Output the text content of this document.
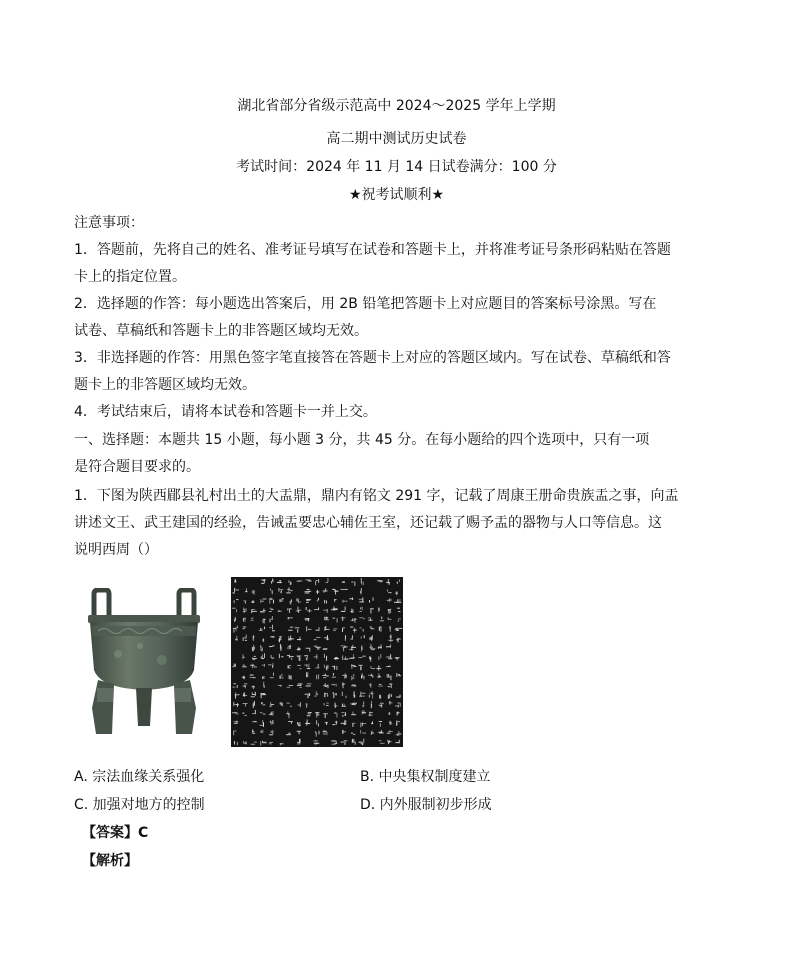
湖北省部分省级示范高中 2024～2025 学年上学期
高二期中测试历史试卷
考试时间：2024 年 11 月 14 日试卷满分：100 分
★祝考试顺利★
注意事项：
1．答题前，先将自己的姓名、准考证号填写在试卷和答题卡上，并将准考证号条形码粘贴在答题
卡上的指定位置。
2．选择题的作答：每小题选出答案后，用 2B 铅笔把答题卡上对应题目的答案标号涂黑。写在
试卷、草稿纸和答题卡上的非答题区域均无效。
3．非选择题的作答：用黑色签字笔直接答在答题卡上对应的答题区域内。写在试卷、草稿纸和答
题卡上的非答题区域均无效。
4．考试结束后，请将本试卷和答题卡一并上交。
一、选择题：本题共 15 小题，每小题 3 分，共 45 分。在每小题给的四个选项中，只有一项
是符合题目要求的。
1．下图为陕西郿县礼村出土的大盂鼎，鼎内有铭文 291 字，记载了周康王册命贵族盂之事，向盂
讲述文王、武王建国的经验，告诫盂要忠心辅佐王室，还记载了赐予盂的器物与人口等信息。这
说明西周（）
A. 宗法血缘关系强化	B. 中央集权制度建立
C. 加强对地方的控制	D. 内外服制初步形成
【答案】C
【解析】
